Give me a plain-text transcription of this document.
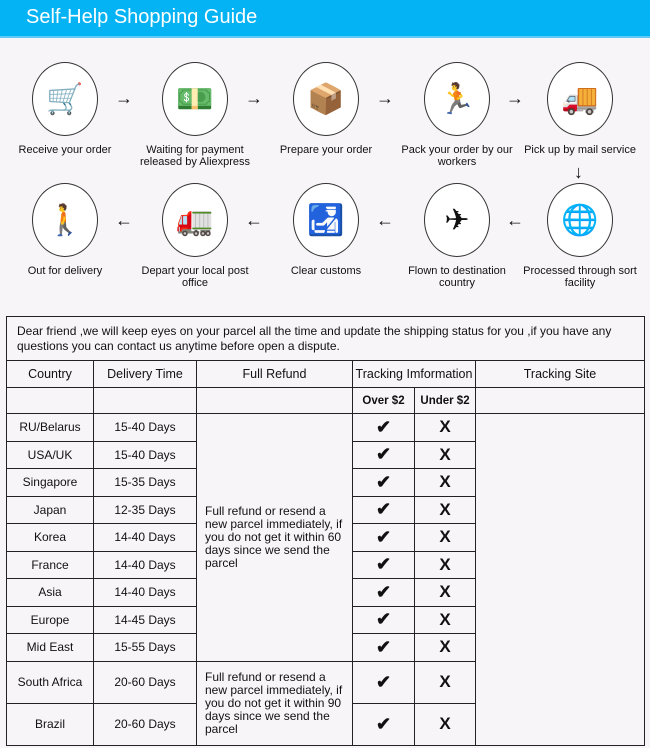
Self-Help Shopping Guide
🛒
Receive your order
💵
Waiting for payment released by Aliexpress
📦
Prepare your order
🏃
Pack your order by our workers
🚚
Pick up by mail service
🌐
Processed through sort facility
✈
Flown to destination country
🛃
Clear customs
🚛
Depart your local post office
🚶
Out for delivery
→	→	→	→
↓
←
←
←
←
Dear friend ,we will keep eyes on your parcel all the time and update the shipping status for you ,if you have any questions you can contact us anytime before open a dispute.					
Country	Delivery Time	Full Refund	Tracking Imformation		Tracking Site
			Over $2	Under $2	
RU/Belarus	15-40 Days	Full refund or resend a new parcel immediately, if you do not get it within 60 days since we send the parcel	✔	X	
USA/UK	15-40 Days		✔	X	
Singapore	15-35 Days		✔	X	
Japan	12-35 Days		✔	X	
Korea	14-40 Days		✔	X	
France	14-40 Days		✔	X	
Asia	14-40 Days		✔	X	
Europe	14-45 Days		✔	X	
Mid East	15-55 Days		✔	X	
South Africa	20-60 Days	Full refund or resend a new parcel immediately, if you do not get it within 90 days since we send the parcel	✔	X	
Brazil	20-60 Days		✔	X	
